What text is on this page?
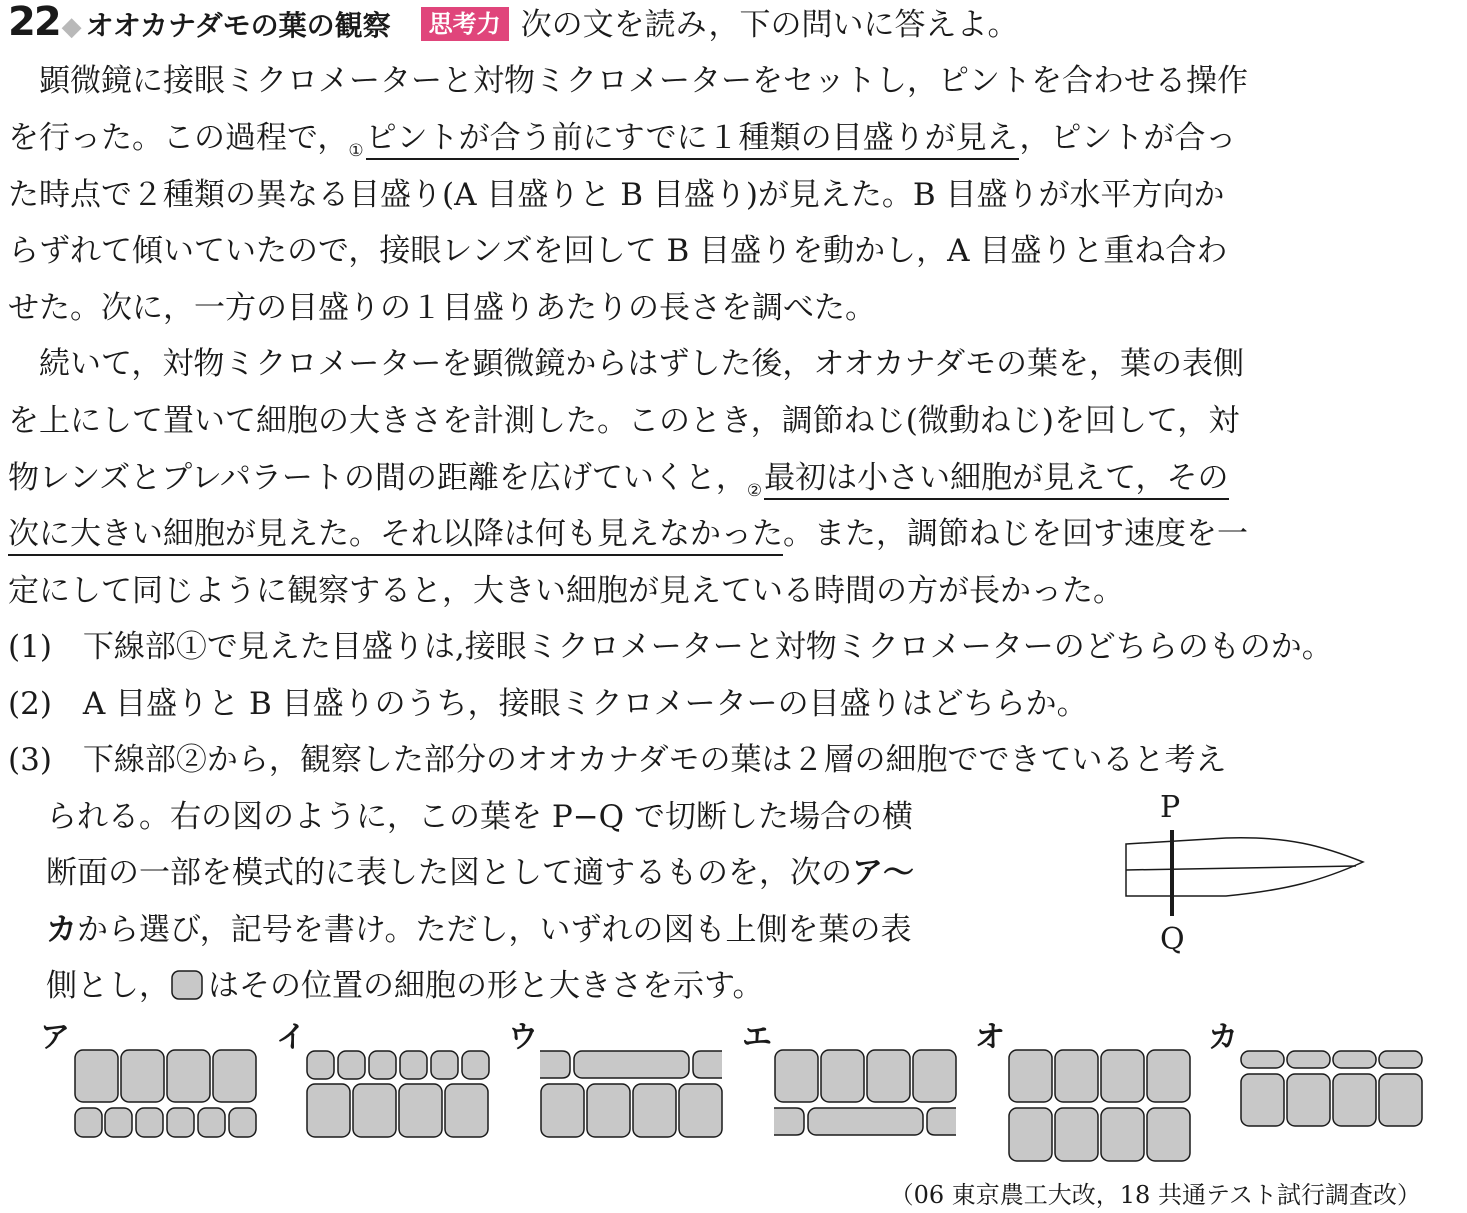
22◆ オオカナダモの葉の観察 思考力 次の文を読み，下の問いに答えよ。
　顕微鏡に接眼ミクロメーターと対物ミクロメーターをセットし，ピントを合わせる操作
を行った。この過程で，$_①$ピントが合う前にすでに１種類の目盛りが見え，ピントが合っ
た時点で２種類の異なる目盛り(A 目盛りと B 目盛り)が見えた。B 目盛りが水平方向か
らずれて傾いていたので，接眼レンズを回して B 目盛りを動かし，A 目盛りと重ね合わ
せた。次に，一方の目盛りの１目盛りあたりの長さを調べた。
　続いて，対物ミクロメーターを顕微鏡からはずした後，オオカナダモの葉を，葉の表側
を上にして置いて細胞の大きさを計測した。このとき，調節ねじ(微動ねじ)を回して，対
物レンズとプレパラートの間の距離を広げていくと，$_②$最初は小さい細胞が見えて，その
次に大きい細胞が見えた。それ以降は何も見えなかった。また，調節ねじを回す速度を一
定にして同じように観察すると，大きい細胞が見えている時間の方が長かった。
(1)　下線部①で見えた目盛りは,接眼ミクロメーターと対物ミクロメーターのどちらのものか。
(2)　A 目盛りと B 目盛りのうち，接眼ミクロメーターの目盛りはどちらか。
(3)　下線部②から，観察した部分のオオカナダモの葉は２層の細胞でできていると考え
られる。右の図のように，この葉を P−Q で切断した場合の横
断面の一部を模式的に表した図として適するものを，次のア～
カから選び，記号を書け。ただし，いずれの図も上側を葉の表
側とし， はその位置の細胞の形と大きさを示す。
P
Q
ア	イ	ウ	エ	オ	カ
（06 東京農工大改，18 共通テスト試行調査改）
